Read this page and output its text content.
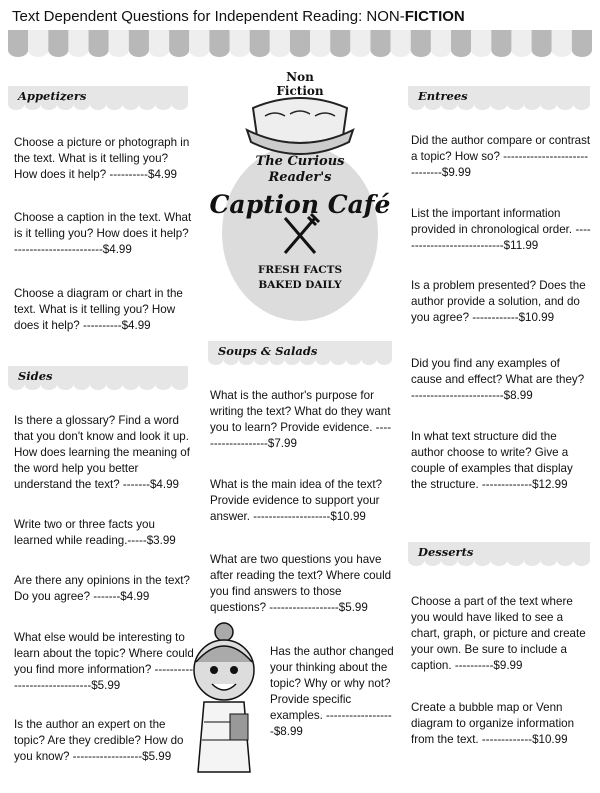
Text Dependent Questions for Independent Reading: NON-FICTION
Appetizers
Sides
Soups & Salads
Entrees
Desserts
Choose a picture or photograph in the text. What is it telling you? How does it help? ----------$4.99
Choose a caption in the text. What is it telling you? How does it help? -----------------------$4.99
Choose a diagram or chart in the text. What is it telling you? How does it help? ----------$4.99
Is there a glossary? Find a word that you don't know and look it up. How does learning the meaning of the word help you better understand the text? -------$4.99
Write two or three facts you learned while reading.-----$3.99
Are there any opinions in the text? Do you agree? -------$4.99
What else would be interesting to learn about the topic? Where could you find more information? ------------------------------$5.99
Is the author an expert on the topic? Are they credible? How do you know? ------------------$5.99
What is the author's purpose for writing the text? What do they want you to learn? Provide evidence. -------------------$7.99
What is the main idea of the text? Provide evidence to support your answer. --------------------$10.99
What are two questions you have after reading the text? Where could you find answers to those questions? ------------------$5.99
Has the author changed your thinking about the topic? Why or why not? Provide specific examples. ------------------$8.99
Did the author compare or contrast a topic? How so? ------------------------------$9.99
List the important information provided in chronological order. ----------------------------$11.99
Is a problem presented? Does the author provide a solution, and do you agree? ------------$10.99
Did you find any examples of cause and effect? What are they? ------------------------$8.99
In what text structure did the author choose to write? Give a couple of examples that display the structure. -------------$12.99
Choose a part of the text where you would have liked to see a chart, graph, or picture and create your own. Be sure to include a caption. ----------$9.99
Create a bubble map or Venn diagram to organize information from the text. -------------$10.99
Non
Fiction
The Curious
Reader's
Caption Café
FRESH FACTS
BAKED DAILY
